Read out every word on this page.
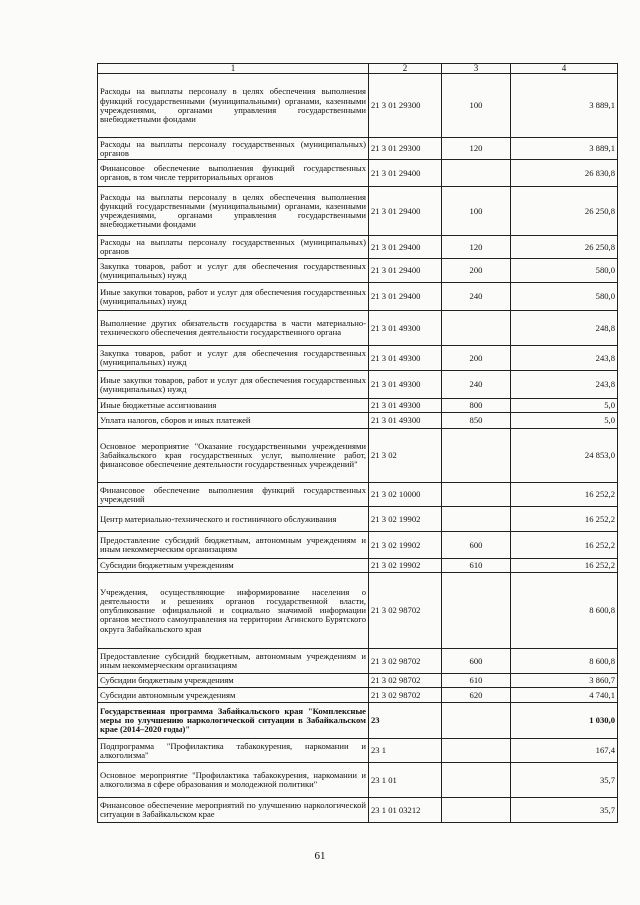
1	2	3	4
Расходы на выплаты персоналу в целях обеспечения выполнения функций государственными (муниципальными) органами, казенными учреждениями, органами управления государственными внебюджетными фондами	21 3 01 29300	100	3 889,1
Расходы на выплаты персоналу государственных (муниципальных) органов	21 3 01 29300	120	3 889,1
Финансовое обеспечение выполнения функций государственных органов, в том числе территориальных органов	21 3 01 29400		26 830,8
Расходы на выплаты персоналу в целях обеспечения выполнения функций государственными (муниципальными) органами, казенными учреждениями, органами управления государственными внебюджетными фондами	21 3 01 29400	100	26 250,8
Расходы на выплаты персоналу государственных (муниципальных) органов	21 3 01 29400	120	26 250,8
Закупка товаров, работ и услуг для обеспечения государственных (муниципальных) нужд	21 3 01 29400	200	580,0
Иные закупки товаров, работ и услуг для обеспечения государственных (муниципальных) нужд	21 3 01 29400	240	580,0
Выполнение других обязательств государства в части материально-технического обеспечения деятельности государственного органа	21 3 01 49300		248,8
Закупка товаров, работ и услуг для обеспечения государственных (муниципальных) нужд	21 3 01 49300	200	243,8
Иные закупки товаров, работ и услуг для обеспечения государственных (муниципальных) нужд	21 3 01 49300	240	243,8
Иные бюджетные ассигнования	21 3 01 49300	800	5,0
Уплата налогов, сборов и иных платежей	21 3 01 49300	850	5,0
Основное мероприятие "Оказание государственными учреждениями Забайкальского края государственных услуг, выполнение работ, финансовое обеспечение деятельности государственных учреждений"	21 3 02		24 853,0
Финансовое обеспечение выполнения функций государственных учреждений	21 3 02 10000		16 252,2
Центр материально-технического и гостиничного обслуживания	21 3 02 19902		16 252,2
Предоставление субсидий бюджетным, автономным учреждениям и иным некоммерческим организациям	21 3 02 19902	600	16 252,2
Субсидии бюджетным учреждениям	21 3 02 19902	610	16 252,2
Учреждения, осуществляющие информирование населения о деятельности и решениях органов государственной власти, опубликование официальной и социально значимой информации органов местного самоуправления на территории Агинского Бурятского округа Забайкальского края	21 3 02 98702		8 600,8
Предоставление субсидий бюджетным, автономным учреждениям и иным некоммерческим организациям	21 3 02 98702	600	8 600,8
Субсидии бюджетным учреждениям	21 3 02 98702	610	3 860,7
Субсидии автономным учреждениям	21 3 02 98702	620	4 740,1
Государственная программа Забайкальского края "Комплексные меры по улучшению наркологической ситуации в Забайкальском крае (2014–2020 годы)"	23		1 030,0
Подпрограмма "Профилактика табакокурения, наркомании и алкоголизма"	23 1		167,4
Основное мероприятие "Профилактика табакокурения, наркомании и алкоголизма в сфере образования и молодежной политики"	23 1 01		35,7
Финансовое обеспечение мероприятий по улучшению наркологической ситуации в Забайкальском крае	23 1 01 03212		35,7
61
